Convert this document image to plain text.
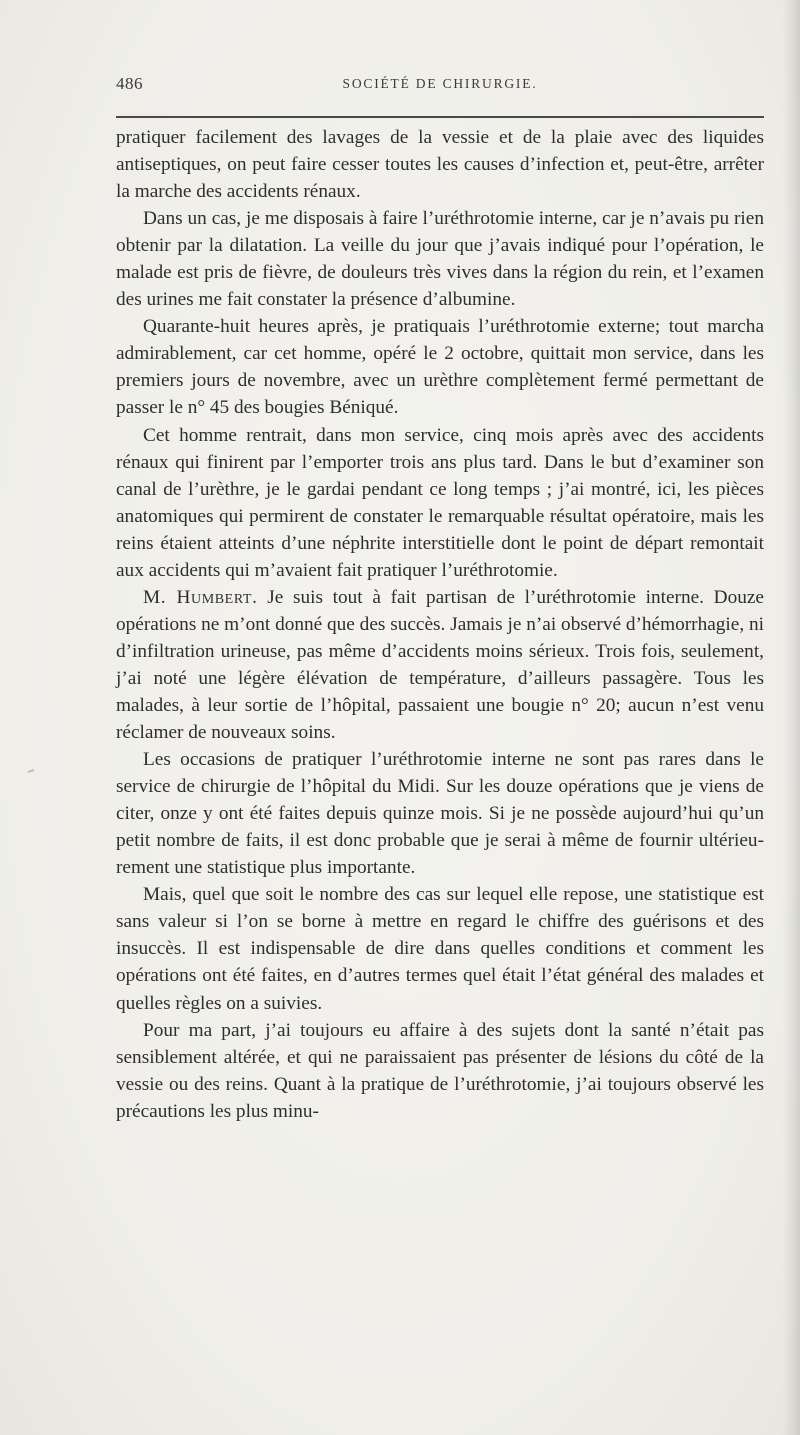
486	SOCIÉTÉ DE CHIRURGIE.

pratiquer facilement des lavages de la vessie et de la plaie avec des liquides antiseptiques, on peut faire cesser toutes les causes d’infection et, peut-être, arrêter la marche des accidents rénaux.

Dans un cas, je me disposais à faire l’uréthrotomie interne, car je n’avais pu rien obtenir par la dilatation. La veille du jour que j’avais indiqué pour l’opération, le malade est pris de fièvre, de douleurs très vives dans la région du rein, et l’examen des urines me fait constater la présence d’albumine.

Quarante-huit heures après, je pratiquais l’uréthrotomie externe; tout marcha admirablement, car cet homme, opéré le 2 octobre, quittait mon service, dans les premiers jours de novembre, avec un urèthre complètement fermé permettant de passer le n° 45 des bougies Béniqué.

Cet homme rentrait, dans mon service, cinq mois après avec des accidents rénaux qui finirent par l’emporter trois ans plus tard. Dans le but d’examiner son canal de l’urèthre, je le gardai pendant ce long temps ; j’ai montré, ici, les pièces anatomiques qui permirent de constater le remarquable résultat opératoire, mais les reins étaient atteints d’une néphrite interstitielle dont le point de départ remontait aux accidents qui m’avaient fait pratiquer l’uréthrotomie.

M. Humbert. Je suis tout à fait partisan de l’uréthrotomie interne. Douze opérations ne m’ont donné que des succès. Jamais je n’ai observé d’hémorrhagie, ni d’infiltration urineuse, pas même d’accidents moins sérieux. Trois fois, seulement, j’ai noté une légère élévation de température, d’ailleurs passagère. Tous les malades, à leur sortie de l’hôpital, passaient une bougie n° 20; aucun n’est venu réclamer de nouveaux soins.

Les occasions de pratiquer l’uréthrotomie interne ne sont pas rares dans le service de chirurgie de l’hôpital du Midi. Sur les douze opérations que je viens de citer, onze y ont été faites depuis quinze mois. Si je ne possède aujourd’hui qu’un petit nombre de faits, il est donc probable que je serai à même de fournir ultérieurement une statistique plus importante.

Mais, quel que soit le nombre des cas sur lequel elle repose, une statistique est sans valeur si l’on se borne à mettre en regard le chiffre des guérisons et des insuccès. Il est indispensable de dire dans quelles conditions et comment les opérations ont été faites, en d’autres termes quel était l’état général des malades et quelles règles on a suivies.

Pour ma part, j’ai toujours eu affaire à des sujets dont la santé n’était pas sensiblement altérée, et qui ne paraissaient pas présenter de lésions du côté de la vessie ou des reins. Quant à la pratique de l’uréthrotomie, j’ai toujours observé les précautions les plus minu-
